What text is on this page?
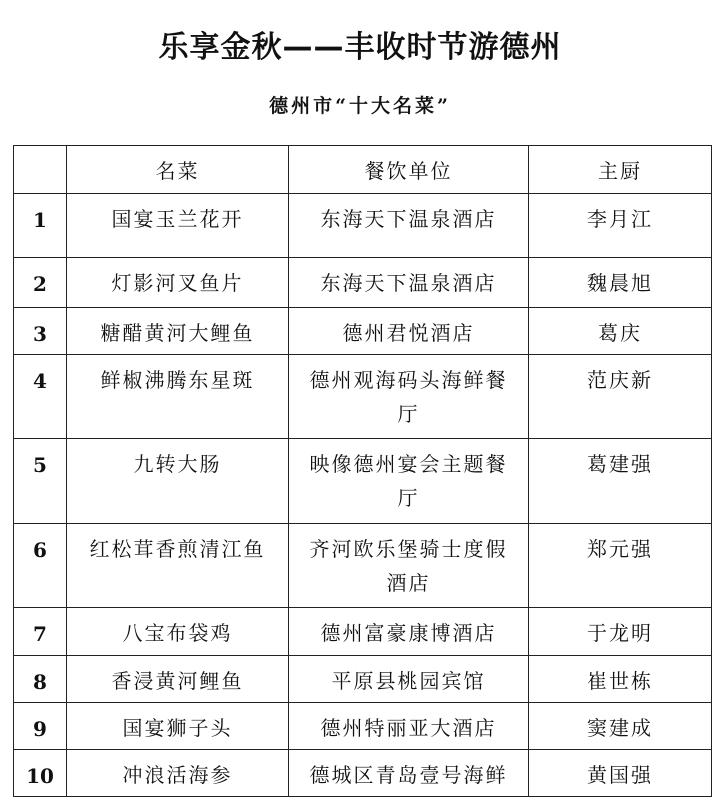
乐享金秋——丰收时节游德州
德州市“十大名菜”
	名菜	餐饮单位	主厨

1	国宴玉兰花开	东海天下温泉酒店	李月江

2	灯影河叉鱼片	东海天下温泉酒店	魏晨旭

3	糖醋黄河大鲤鱼	德州君悦酒店	葛庆

4	鲜椒沸腾东星斑	德州观海码头海鲜餐厅	范庆新

5	九转大肠	映像德州宴会主题餐厅	葛建强

6	红松茸香煎清江鱼	齐河欧乐堡骑士度假酒店	郑元强

7	八宝布袋鸡	德州富豪康博酒店	于龙明

8	香浸黄河鲤鱼	平原县桃园宾馆	崔世栋

9	国宴狮子头	德州特丽亚大酒店	窦建成

10	冲浪活海参	德城区青岛壹号海鲜	黄国强
